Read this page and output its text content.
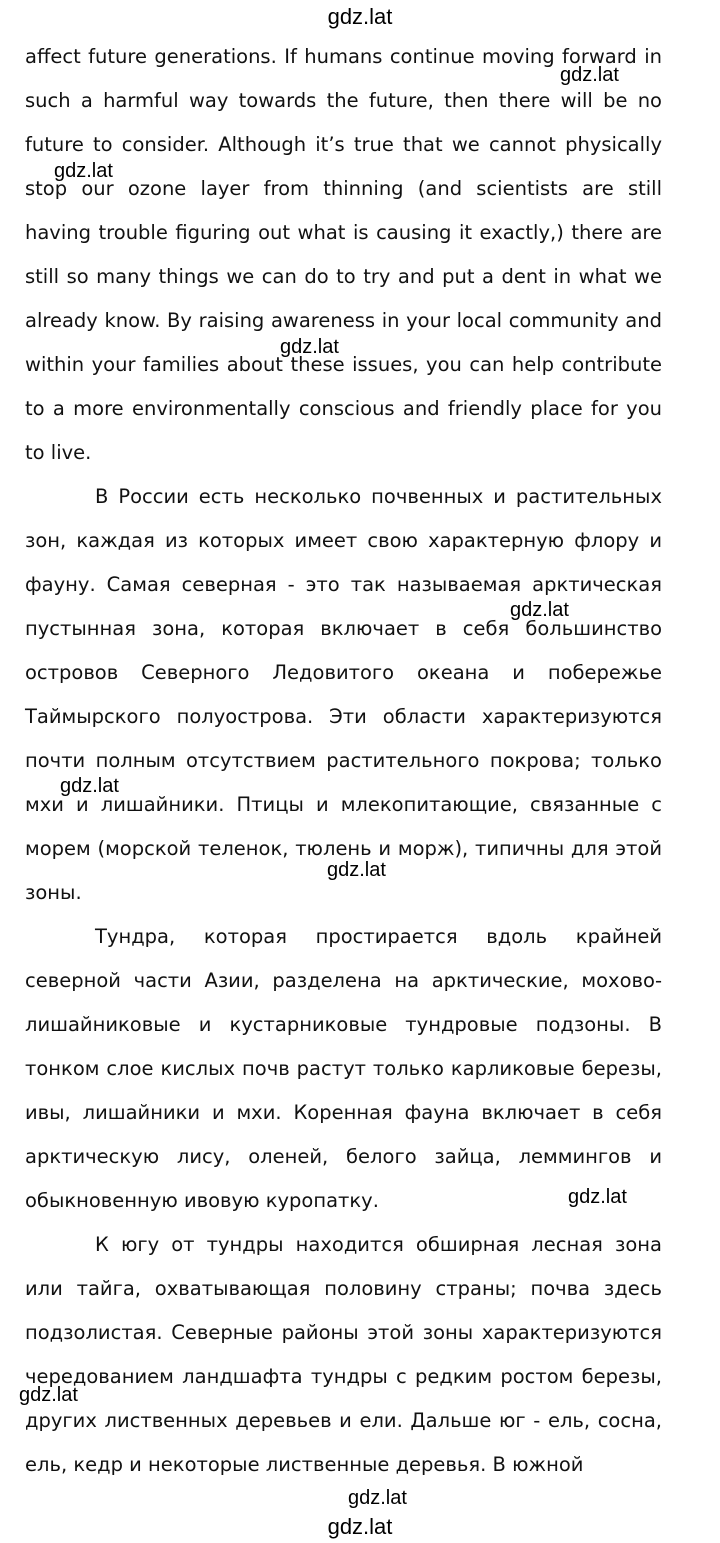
gdz.lat

affect future generations. If humans continue moving forward in such a harmful way towards the future, then there will be no future to consider. Although it’s true that we cannot physically stop our ozone layer from thinning (and scientists are still having trouble figuring out what is causing it exactly,) there are still so many things we can do to try and put a dent in what we already know. By raising awareness in your local community and within your families about these issues, you can help contribute to a more environmentally conscious and friendly place for you to live.

В России есть несколько почвенных и растительных зон, каждая из которых имеет свою характерную флору и фауну. Самая северная - это так называемая арктическая пустынная зона, которая включает в себя большинство островов Северного Ледовитого океана и побережье Таймырского полуострова. Эти области характеризуются почти полным отсутствием растительного покрова; только мхи и лишайники. Птицы и млекопитающие, связанные с морем (морской теленок, тюлень и морж), типичны для этой зоны.

Тундра, которая простирается вдоль крайней северной части Азии, разделена на арктические, мохово-лишайниковые и кустарниковые тундровые подзоны. В тонком слое кислых почв растут только карликовые березы, ивы, лишайники и мхи. Коренная фауна включает в себя арктическую лису, оленей, белого зайца, леммингов и обыкновенную ивовую куропатку.

К югу от тундры находится обширная лесная зона или тайга, охватывающая половину страны; почва здесь подзолистая. Северные районы этой зоны характеризуются чередованием ландшафта тундры с редким ростом березы, других лиственных деревьев и ели. Дальше юг - ель, сосна, ель, кедр и некоторые лиственные деревья. В южной

gdz.lat
gdz.lat
gdz.lat
gdz.lat
gdz.lat
gdz.lat
gdz.lat
gdz.lat
gdz.lat
gdz.lat
